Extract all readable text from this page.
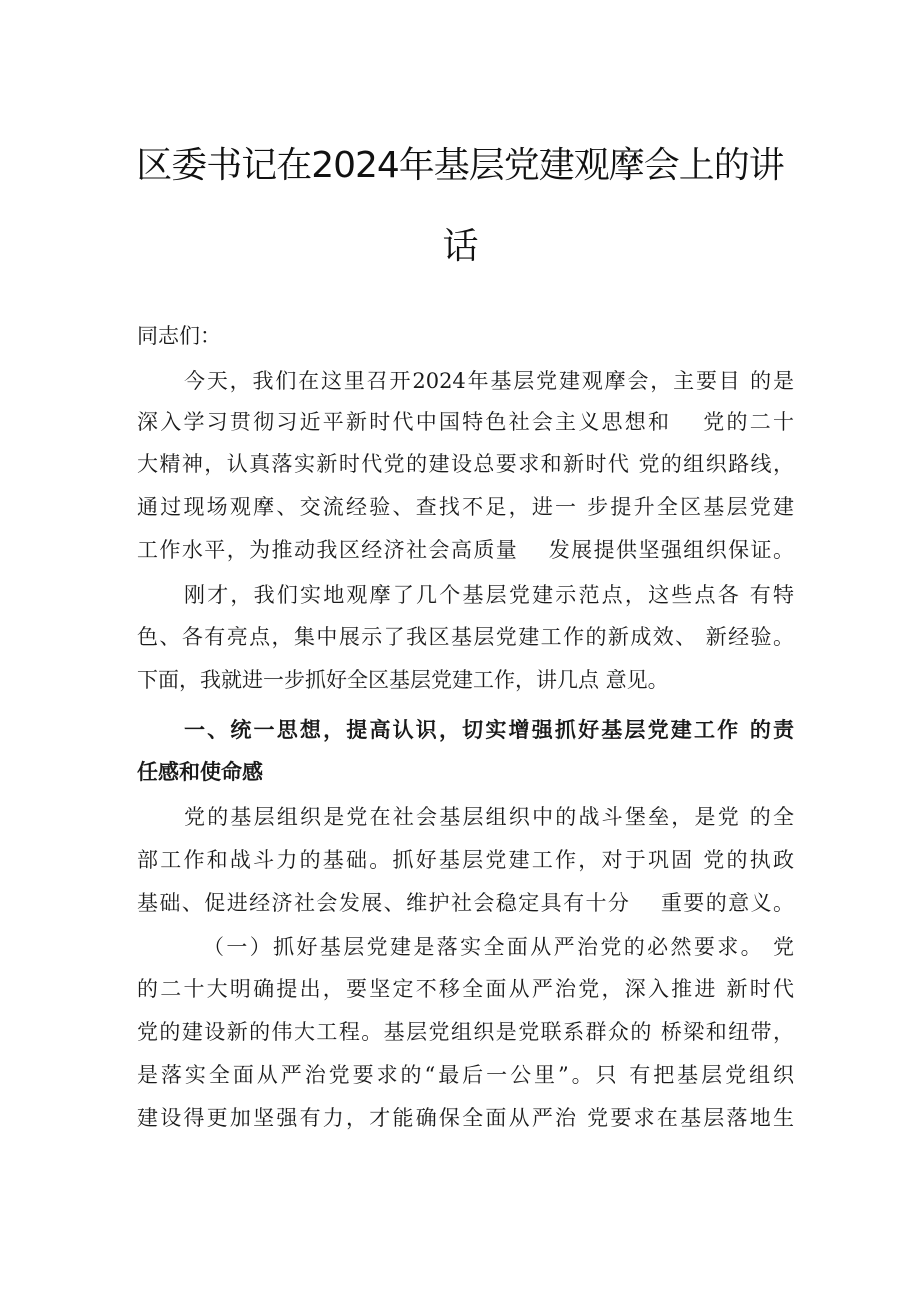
区委书记在2024年基层党建观摩会上的讲
话
同志们：
今天，我们在这里召开2024年基层党建观摩会，主要目 的是
深入学习贯彻习近平新时代中国特色社会主义思想和　 党的二十
大精神，认真落实新时代党的建设总要求和新时代 党的组织路线，
通过现场观摩、交流经验、查找不足，进一 步提升全区基层党建
工作水平，为推动我区经济社会高质量　 发展提供坚强组织保证。
刚才，我们实地观摩了几个基层党建示范点，这些点各 有特
色、各有亮点，集中展示了我区基层党建工作的新成效、 新经验。
下面，我就进一步抓好全区基层党建工作，讲几点 意见。
一、统一思想，提高认识，切实增强抓好基层党建工作 的责
任感和使命感
党的基层组织是党在社会基层组织中的战斗堡垒，是党 的全
部工作和战斗力的基础。抓好基层党建工作，对于巩固 党的执政
基础、促进经济社会发展、维护社会稳定具有十分　 重要的意义。
（一）抓好基层党建是落实全面从严治党的必然要求。 党
的二十大明确提出，要坚定不移全面从严治党，深入推进 新时代
党的建设新的伟大工程。基层党组织是党联系群众的 桥梁和纽带，
是落实全面从严治党要求的“最后一公里”。只 有把基层党组织
建设得更加坚强有力，才能确保全面从严治 党要求在基层落地生
